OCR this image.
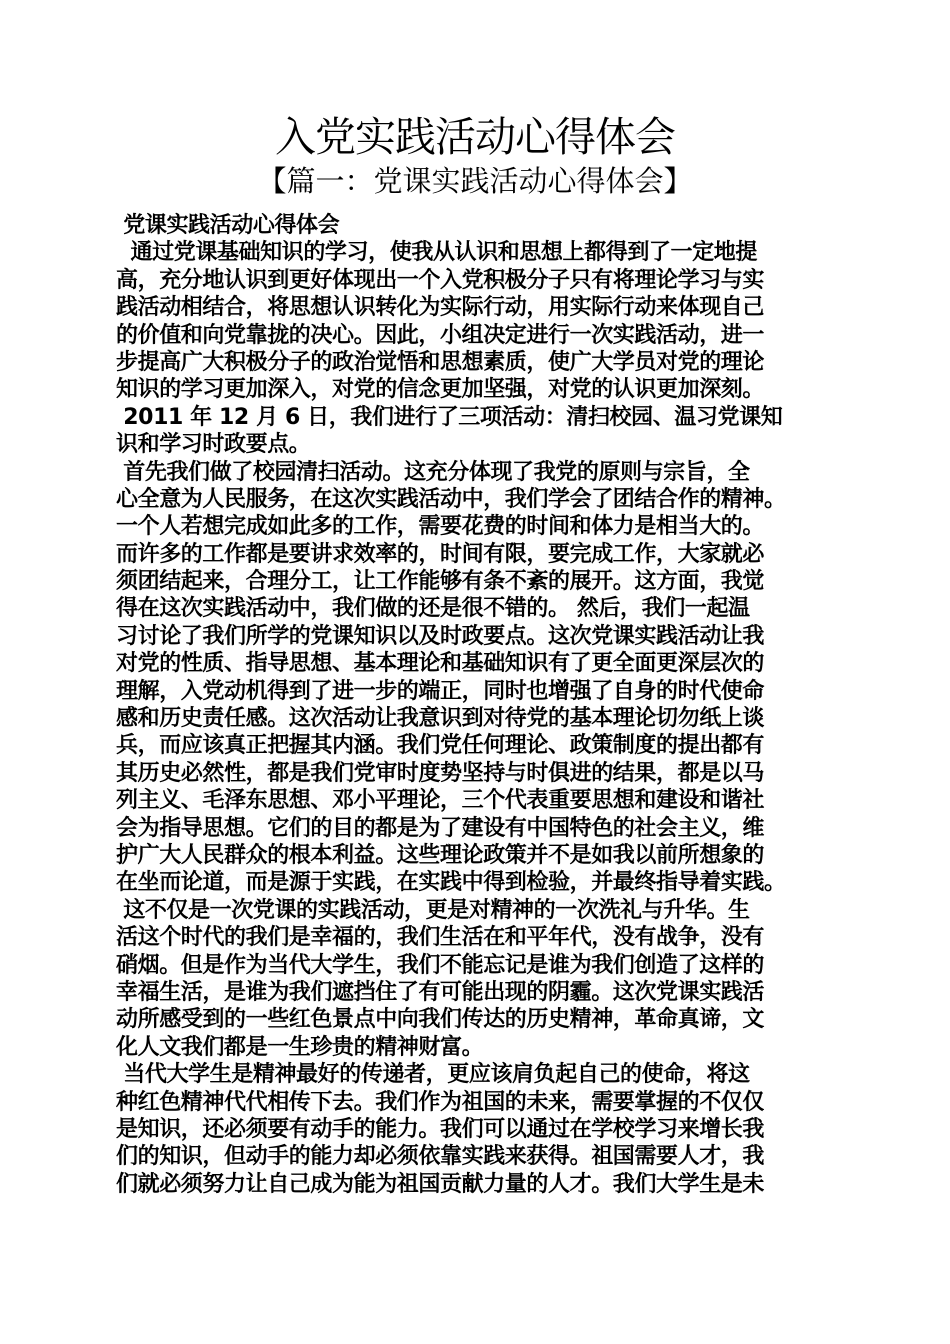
入党实践活动心得体会
【篇一：党课实践活动心得体会】
党课实践活动心得体会
通过党课基础知识的学习，使我从认识和思想上都得到了一定地提
高，充分地认识到更好体现出一个入党积极分子只有将理论学习与实
践活动相结合，将思想认识转化为实际行动，用实际行动来体现自己
的价值和向党靠拢的决心。因此，小组决定进行一次实践活动，进一
步提高广大积极分子的政治觉悟和思想素质，使广大学员对党的理论
知识的学习更加深入，对党的信念更加坚强，对党的认识更加深刻。
2011 年 12 月 6 日，我们进行了三项活动：清扫校园、温习党课知
识和学习时政要点。
首先我们做了校园清扫活动。这充分体现了我党的原则与宗旨，全
心全意为人民服务，在这次实践活动中，我们学会了团结合作的精神。
一个人若想完成如此多的工作，需要花费的时间和体力是相当大的。
而许多的工作都是要讲求效率的，时间有限，要完成工作，大家就必
须团结起来，合理分工，让工作能够有条不紊的展开。这方面，我觉
得在这次实践活动中，我们做的还是很不错的。 然后，我们一起温
习讨论了我们所学的党课知识以及时政要点。这次党课实践活动让我
对党的性质、指导思想、基本理论和基础知识有了更全面更深层次的
理解，入党动机得到了进一步的端正，同时也增强了自身的时代使命
感和历史责任感。这次活动让我意识到对待党的基本理论切勿纸上谈
兵，而应该真正把握其内涵。我们党任何理论、政策制度的提出都有
其历史必然性，都是我们党审时度势坚持与时俱进的结果，都是以马
列主义、毛泽东思想、邓小平理论，三个代表重要思想和建设和谐社
会为指导思想。它们的目的都是为了建设有中国特色的社会主义，维
护广大人民群众的根本利益。这些理论政策并不是如我以前所想象的
在坐而论道，而是源于实践，在实践中得到检验，并最终指导着实践。
这不仅是一次党课的实践活动，更是对精神的一次洗礼与升华。生
活这个时代的我们是幸福的，我们生活在和平年代，没有战争，没有
硝烟。但是作为当代大学生，我们不能忘记是谁为我们创造了这样的
幸福生活，是谁为我们遮挡住了有可能出现的阴霾。这次党课实践活
动所感受到的一些红色景点中向我们传达的历史精神，革命真谛，文
化人文我们都是一生珍贵的精神财富。
当代大学生是精神最好的传递者，更应该肩负起自己的使命，将这
种红色精神代代相传下去。我们作为祖国的未来，需要掌握的不仅仅
是知识，还必须要有动手的能力。我们可以通过在学校学习来增长我
们的知识，但动手的能力却必须依靠实践来获得。祖国需要人才，我
们就必须努力让自己成为能为祖国贡献力量的人才。我们大学生是未
